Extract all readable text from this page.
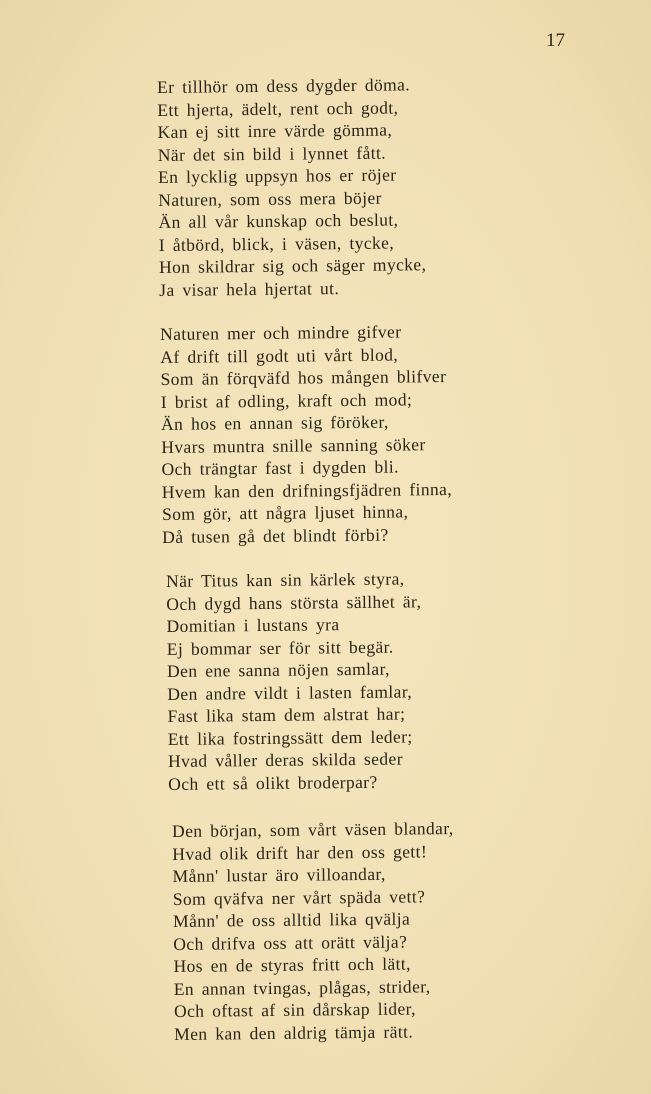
17
Er tillhör om dess dygder döma.
Ett hjerta, ädelt, rent och godt,
Kan ej sitt inre värde gömma,
När det sin bild i lynnet fått.
En lycklig uppsyn hos er röjer
Naturen, som oss mera böjer
Än all vår kunskap och beslut,
I åtbörd, blick, i väsen, tycke,
Hon skildrar sig och säger mycke,
Ja visar hela hjertat ut.
Naturen mer och mindre gifver
Af drift till godt uti vårt blod,
Som än förqväfd hos mången blifver
I brist af odling, kraft och mod;
Än hos en annan sig föröker,
Hvars muntra snille sanning söker
Och trängtar fast i dygden bli.
Hvem kan den drifningsfjädren finna,
Som gör, att några ljuset hinna,
Då tusen gå det blindt förbi?
När Titus kan sin kärlek styra,
Och dygd hans största sällhet är,
Domitian i lustans yra
Ej bommar ser för sitt begär.
Den ene sanna nöjen samlar,
Den andre vildt i lasten famlar,
Fast lika stam dem alstrat har;
Ett lika fostringssätt dem leder;
Hvad våller deras skilda seder
Och ett så olikt broderpar?
Den början, som vårt väsen blandar,
Hvad olik drift har den oss gett!
Månn' lustar äro villoandar,
Som qväfva ner vårt späda vett?
Månn' de oss alltid lika qvälja
Och drifva oss att orätt välja?
Hos en de styras fritt och lätt,
En annan tvingas, plågas, strider,
Och oftast af sin dårskap lider,
Men kan den aldrig tämja rätt.
